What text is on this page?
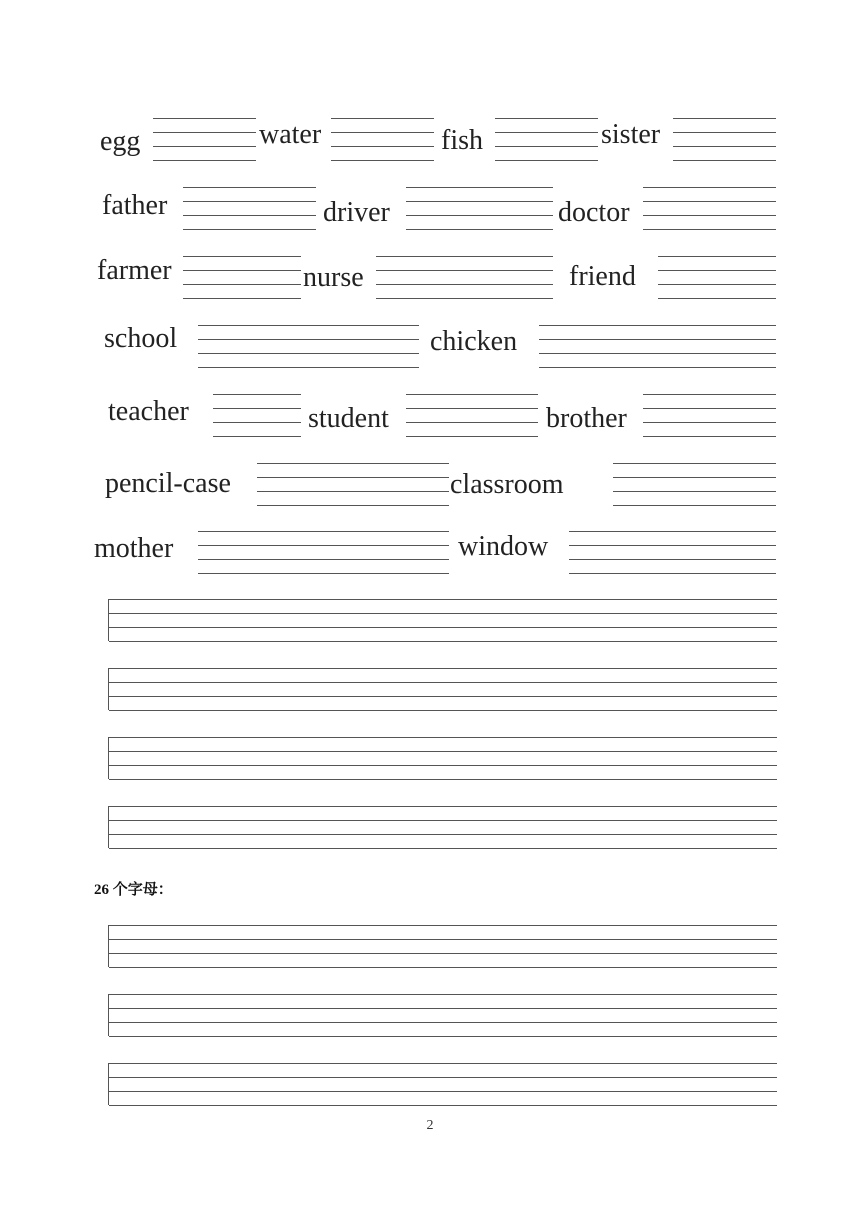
egg	water	fish	sister
father	driver	doctor
farmer	nurse	friend
school	chicken
teacher	student	brother
pencil-case	classroom
mother	window
26 个字母：
2
